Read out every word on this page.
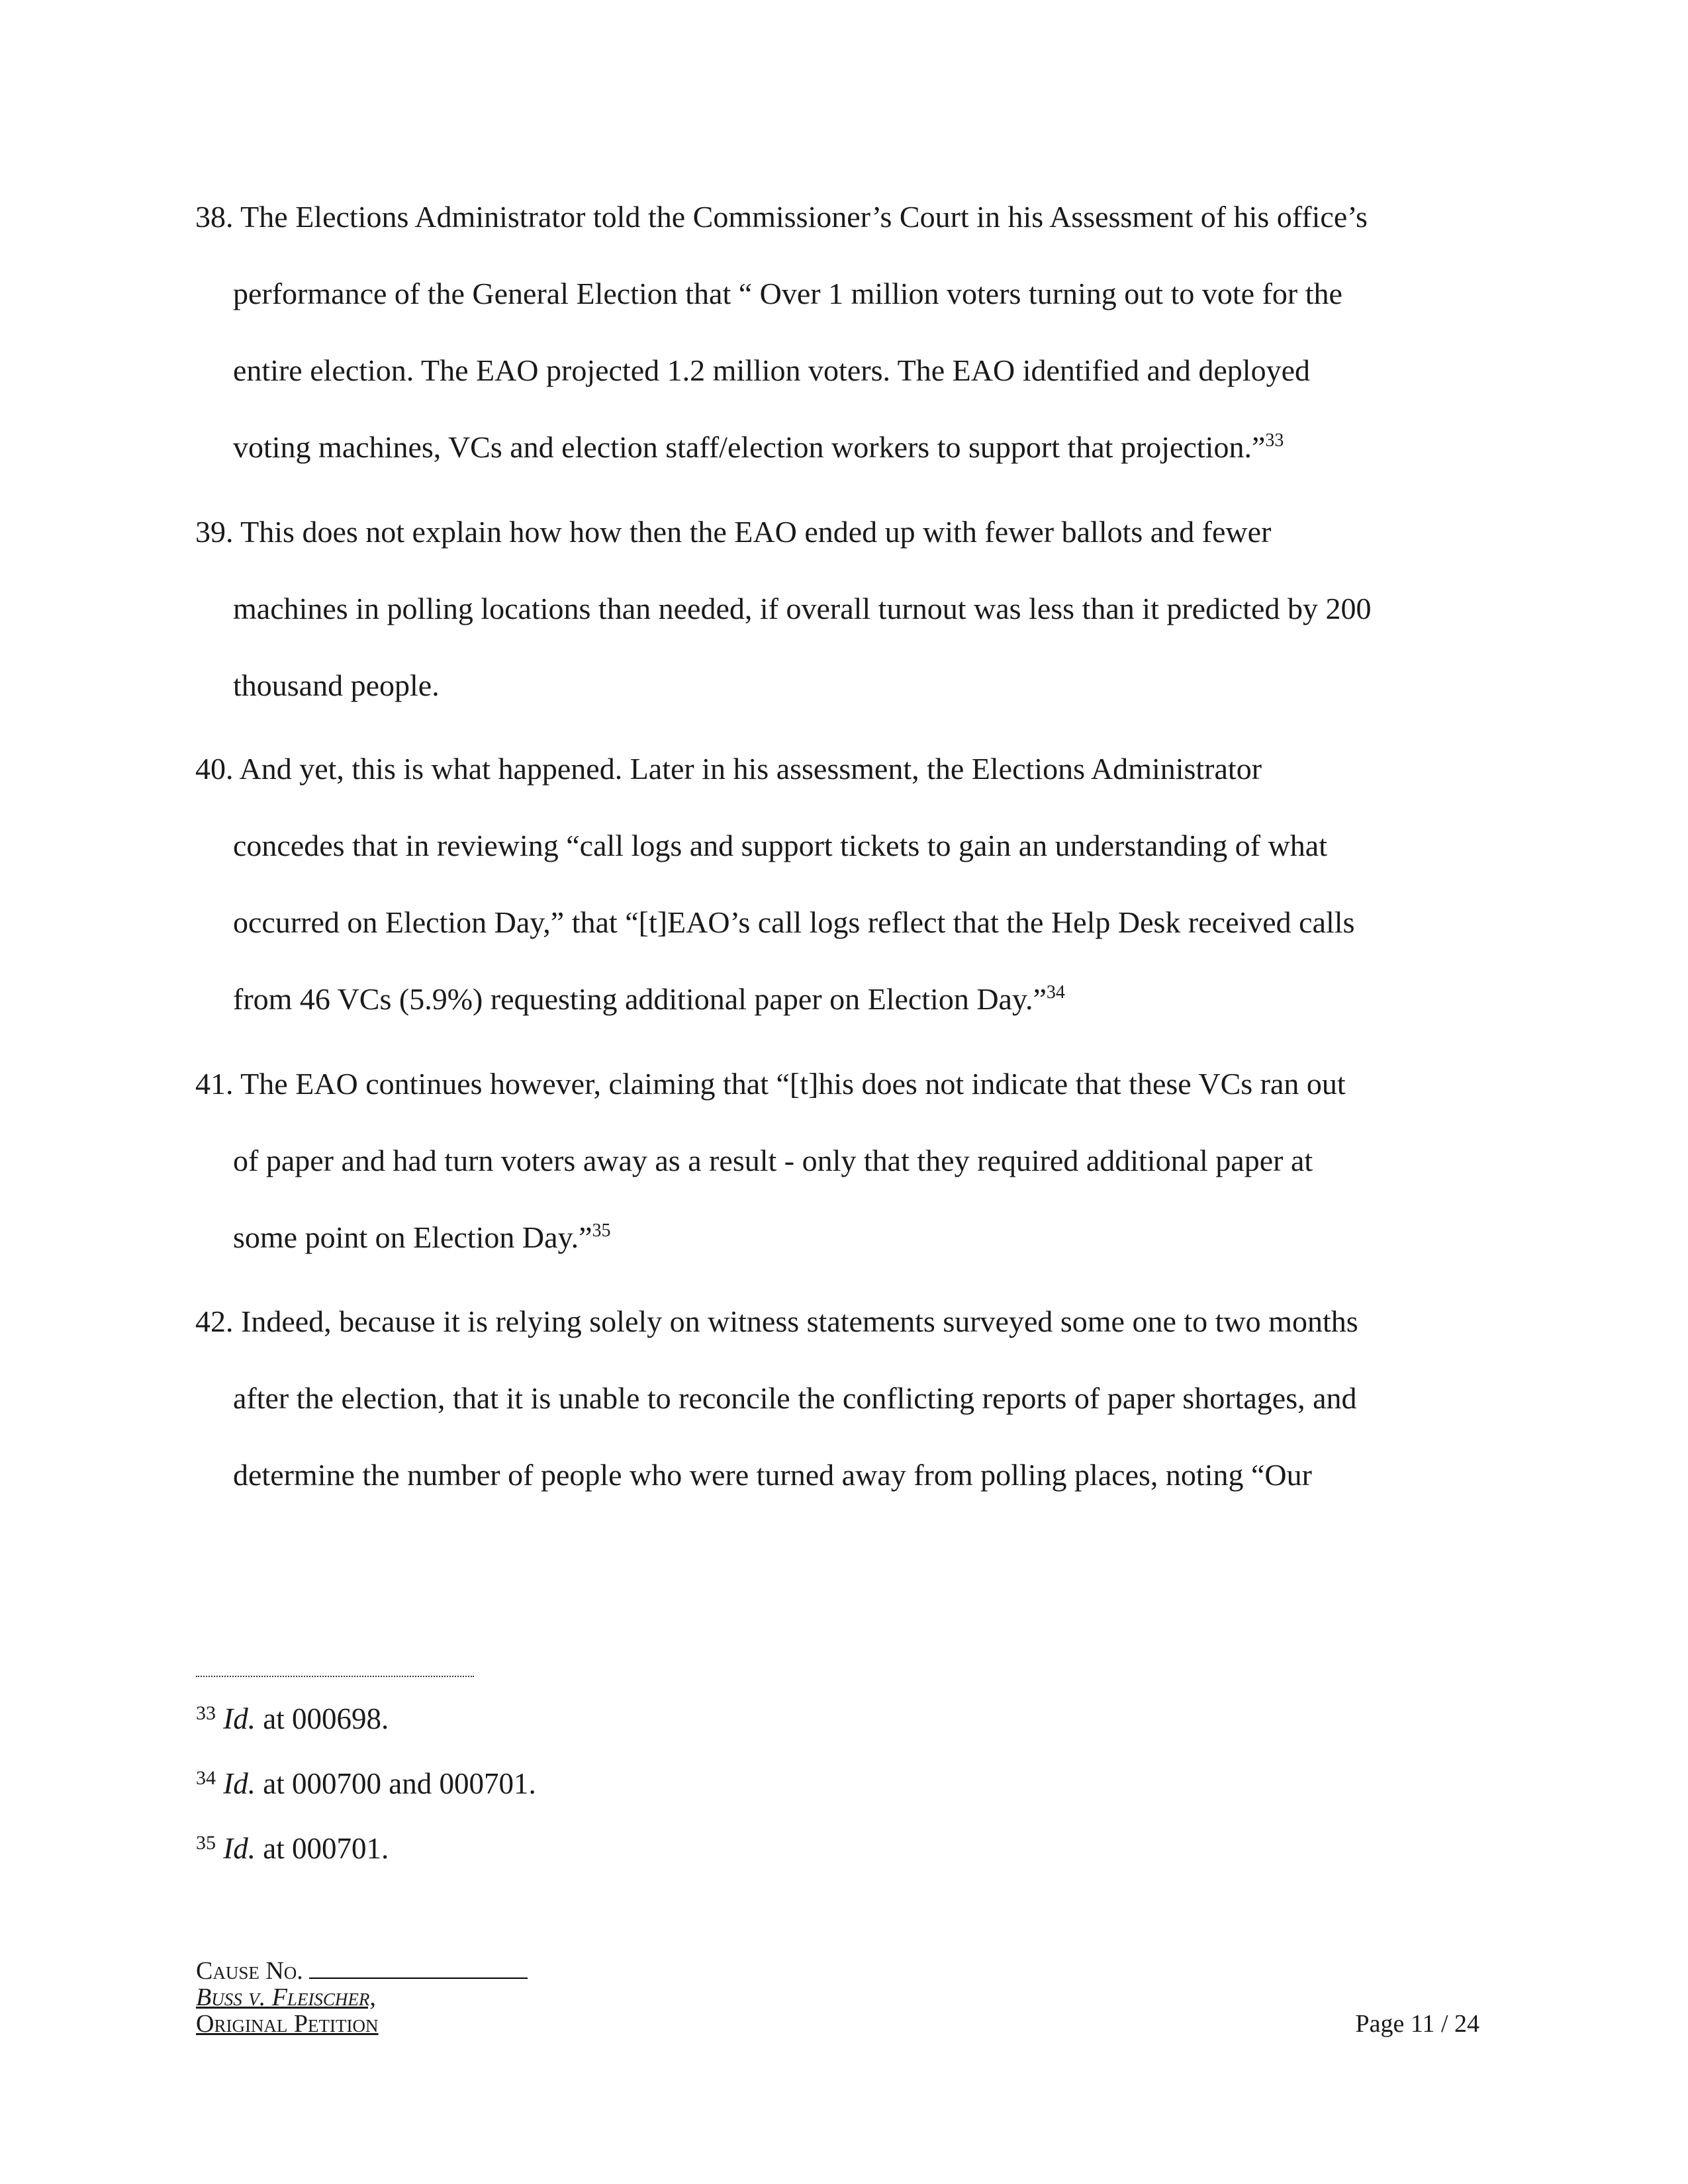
38. The Elections Administrator told the Commissioner’s Court in his Assessment of his office’s
performance of the General Election that “ Over 1 million voters turning out to vote for the
entire election. The EAO projected 1.2 million voters. The EAO identified and deployed
voting machines, VCs and election staff/election workers to support that projection.”$^{33}$
39. This does not explain how how then the EAO ended up with fewer ballots and fewer
machines in polling locations than needed, if overall turnout was less than it predicted by 200
thousand people.
40. And yet, this is what happened. Later in his assessment, the Elections Administrator
concedes that in reviewing “call logs and support tickets to gain an understanding of what
occurred on Election Day,” that “[t]EAO’s call logs reflect that the Help Desk received calls
from 46 VCs (5.9%) requesting additional paper on Election Day.”$^{34}$
41. The EAO continues however, claiming that “[t]his does not indicate that these VCs ran out
of paper and had turn voters away as a result - only that they required additional paper at
some point on Election Day.”$^{35}$
42. Indeed, because it is relying solely on witness statements surveyed some one to two months
after the election, that it is unable to reconcile the conflicting reports of paper shortages, and
determine the number of people who were turned away from polling places, noting “Our
$^{33}$ Id. at 000698.
$^{34}$ Id. at 000700 and 000701.
$^{35}$ Id. at 000701.
Cause No.
Buss v. Fleischer,
Original Petition	Page 11 / 24
